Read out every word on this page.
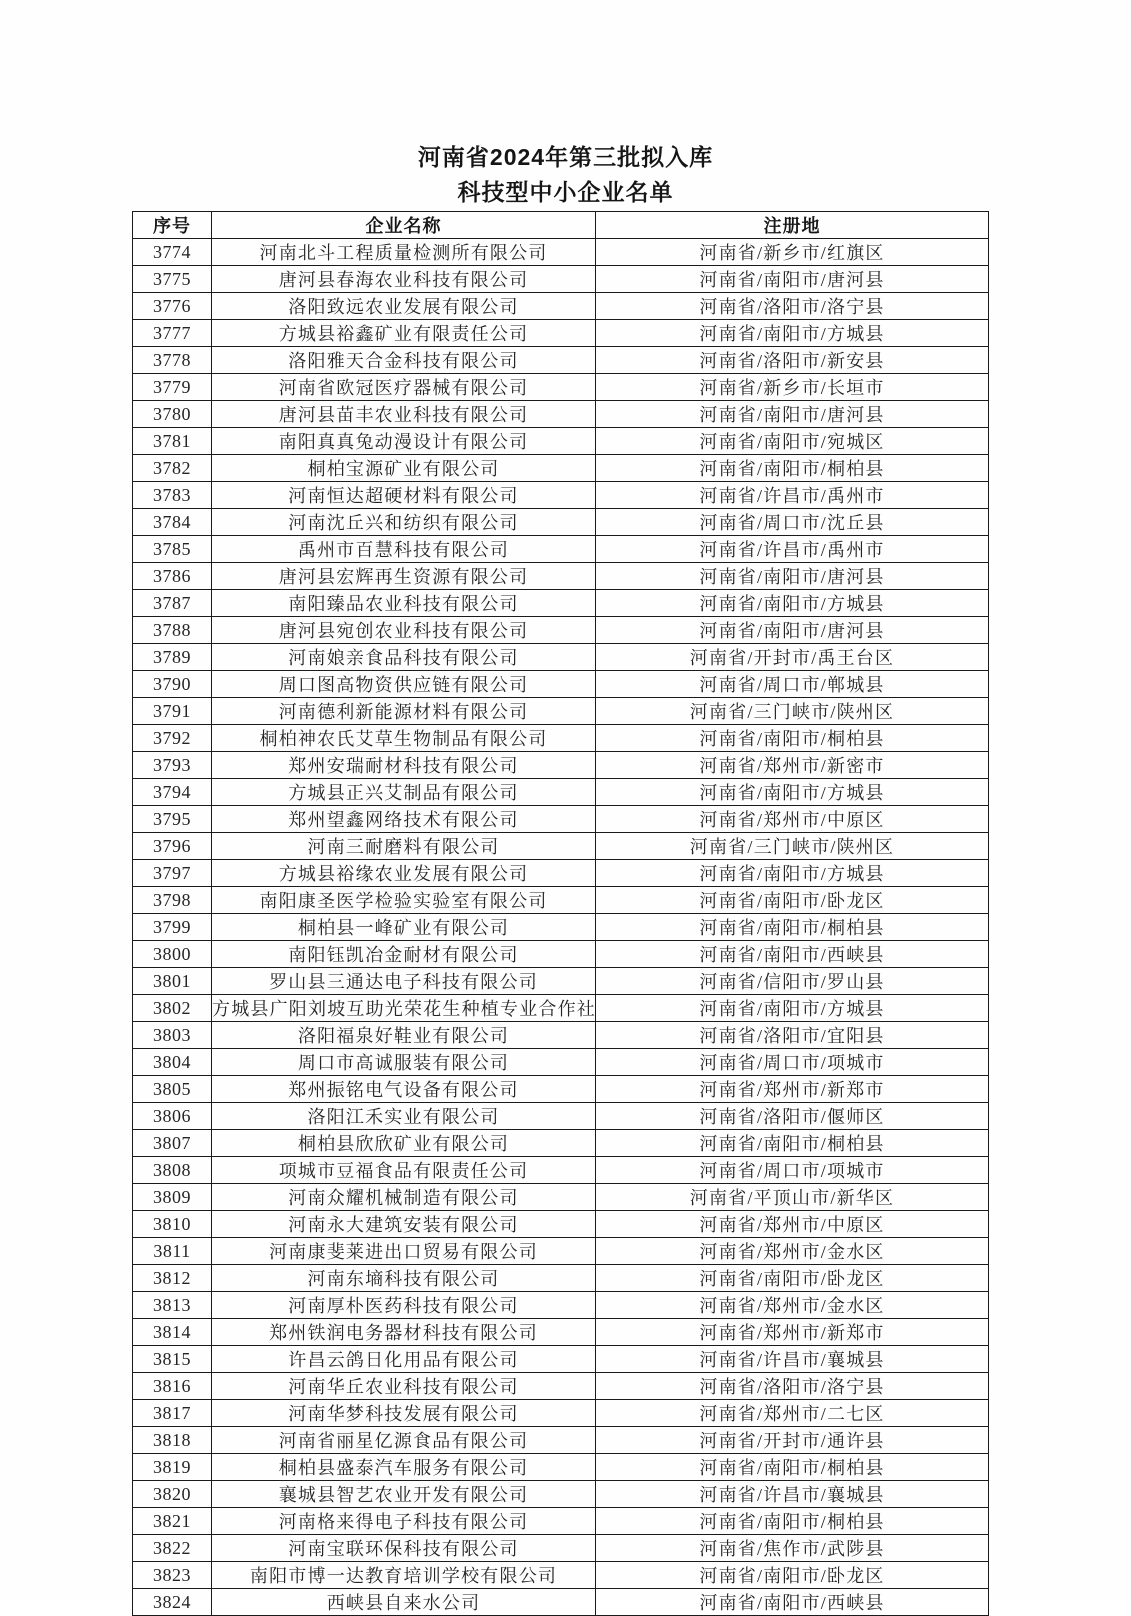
河南省2024年第三批拟入库
科技型中小企业名单
序号	企业名称	注册地
3774	河南北斗工程质量检测所有限公司	河南省/新乡市/红旗区
3775	唐河县春海农业科技有限公司	河南省/南阳市/唐河县
3776	洛阳致远农业发展有限公司	河南省/洛阳市/洛宁县
3777	方城县裕鑫矿业有限责任公司	河南省/南阳市/方城县
3778	洛阳雅天合金科技有限公司	河南省/洛阳市/新安县
3779	河南省欧冠医疗器械有限公司	河南省/新乡市/长垣市
3780	唐河县苗丰农业科技有限公司	河南省/南阳市/唐河县
3781	南阳真真兔动漫设计有限公司	河南省/南阳市/宛城区
3782	桐柏宝源矿业有限公司	河南省/南阳市/桐柏县
3783	河南恒达超硬材料有限公司	河南省/许昌市/禹州市
3784	河南沈丘兴和纺织有限公司	河南省/周口市/沈丘县
3785	禹州市百慧科技有限公司	河南省/许昌市/禹州市
3786	唐河县宏辉再生资源有限公司	河南省/南阳市/唐河县
3787	南阳臻品农业科技有限公司	河南省/南阳市/方城县
3788	唐河县宛创农业科技有限公司	河南省/南阳市/唐河县
3789	河南娘亲食品科技有限公司	河南省/开封市/禹王台区
3790	周口图高物资供应链有限公司	河南省/周口市/郸城县
3791	河南德利新能源材料有限公司	河南省/三门峡市/陕州区
3792	桐柏神农氏艾草生物制品有限公司	河南省/南阳市/桐柏县
3793	郑州安瑞耐材科技有限公司	河南省/郑州市/新密市
3794	方城县正兴艾制品有限公司	河南省/南阳市/方城县
3795	郑州望鑫网络技术有限公司	河南省/郑州市/中原区
3796	河南三耐磨料有限公司	河南省/三门峡市/陕州区
3797	方城县裕缘农业发展有限公司	河南省/南阳市/方城县
3798	南阳康圣医学检验实验室有限公司	河南省/南阳市/卧龙区
3799	桐柏县一峰矿业有限公司	河南省/南阳市/桐柏县
3800	南阳钰凯冶金耐材有限公司	河南省/南阳市/西峡县
3801	罗山县三通达电子科技有限公司	河南省/信阳市/罗山县
3802	方城县广阳刘坡互助光荣花生种植专业合作社	河南省/南阳市/方城县
3803	洛阳福泉好鞋业有限公司	河南省/洛阳市/宜阳县
3804	周口市高诚服装有限公司	河南省/周口市/项城市
3805	郑州振铭电气设备有限公司	河南省/郑州市/新郑市
3806	洛阳江禾实业有限公司	河南省/洛阳市/偃师区
3807	桐柏县欣欣矿业有限公司	河南省/南阳市/桐柏县
3808	项城市豆福食品有限责任公司	河南省/周口市/项城市
3809	河南众耀机械制造有限公司	河南省/平顶山市/新华区
3810	河南永大建筑安装有限公司	河南省/郑州市/中原区
3811	河南康斐莱进出口贸易有限公司	河南省/郑州市/金水区
3812	河南东墒科技有限公司	河南省/南阳市/卧龙区
3813	河南厚朴医药科技有限公司	河南省/郑州市/金水区
3814	郑州铁润电务器材科技有限公司	河南省/郑州市/新郑市
3815	许昌云鸽日化用品有限公司	河南省/许昌市/襄城县
3816	河南华丘农业科技有限公司	河南省/洛阳市/洛宁县
3817	河南华梦科技发展有限公司	河南省/郑州市/二七区
3818	河南省丽星亿源食品有限公司	河南省/开封市/通许县
3819	桐柏县盛泰汽车服务有限公司	河南省/南阳市/桐柏县
3820	襄城县智艺农业开发有限公司	河南省/许昌市/襄城县
3821	河南格来得电子科技有限公司	河南省/南阳市/桐柏县
3822	河南宝联环保科技有限公司	河南省/焦作市/武陟县
3823	南阳市博一达教育培训学校有限公司	河南省/南阳市/卧龙区
3824	西峡县自来水公司	河南省/南阳市/西峡县
